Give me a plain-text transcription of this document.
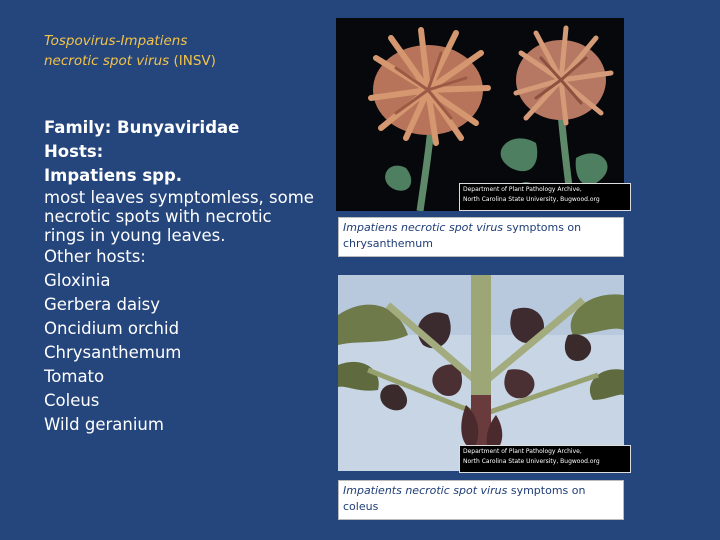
Tospovirus-Impatiens
necrotic spot virus (INSV)
Family: Bunyaviridae
Hosts:
Impatiens spp.
most leaves symptomless, some necrotic spots with necrotic rings in young leaves.
Other hosts:
Gloxinia
Gerbera daisy
Oncidium orchid
Chrysanthemum
Tomato
Coleus
Wild geranium
Department of Plant Pathology Archive,
North Carolina State University, Bugwood.org
Impatiens necrotic spot virus symptoms on chrysanthemum
Department of Plant Pathology Archive,
North Carolina State University, Bugwood.org
Impatients necrotic spot virus symptoms on coleus
